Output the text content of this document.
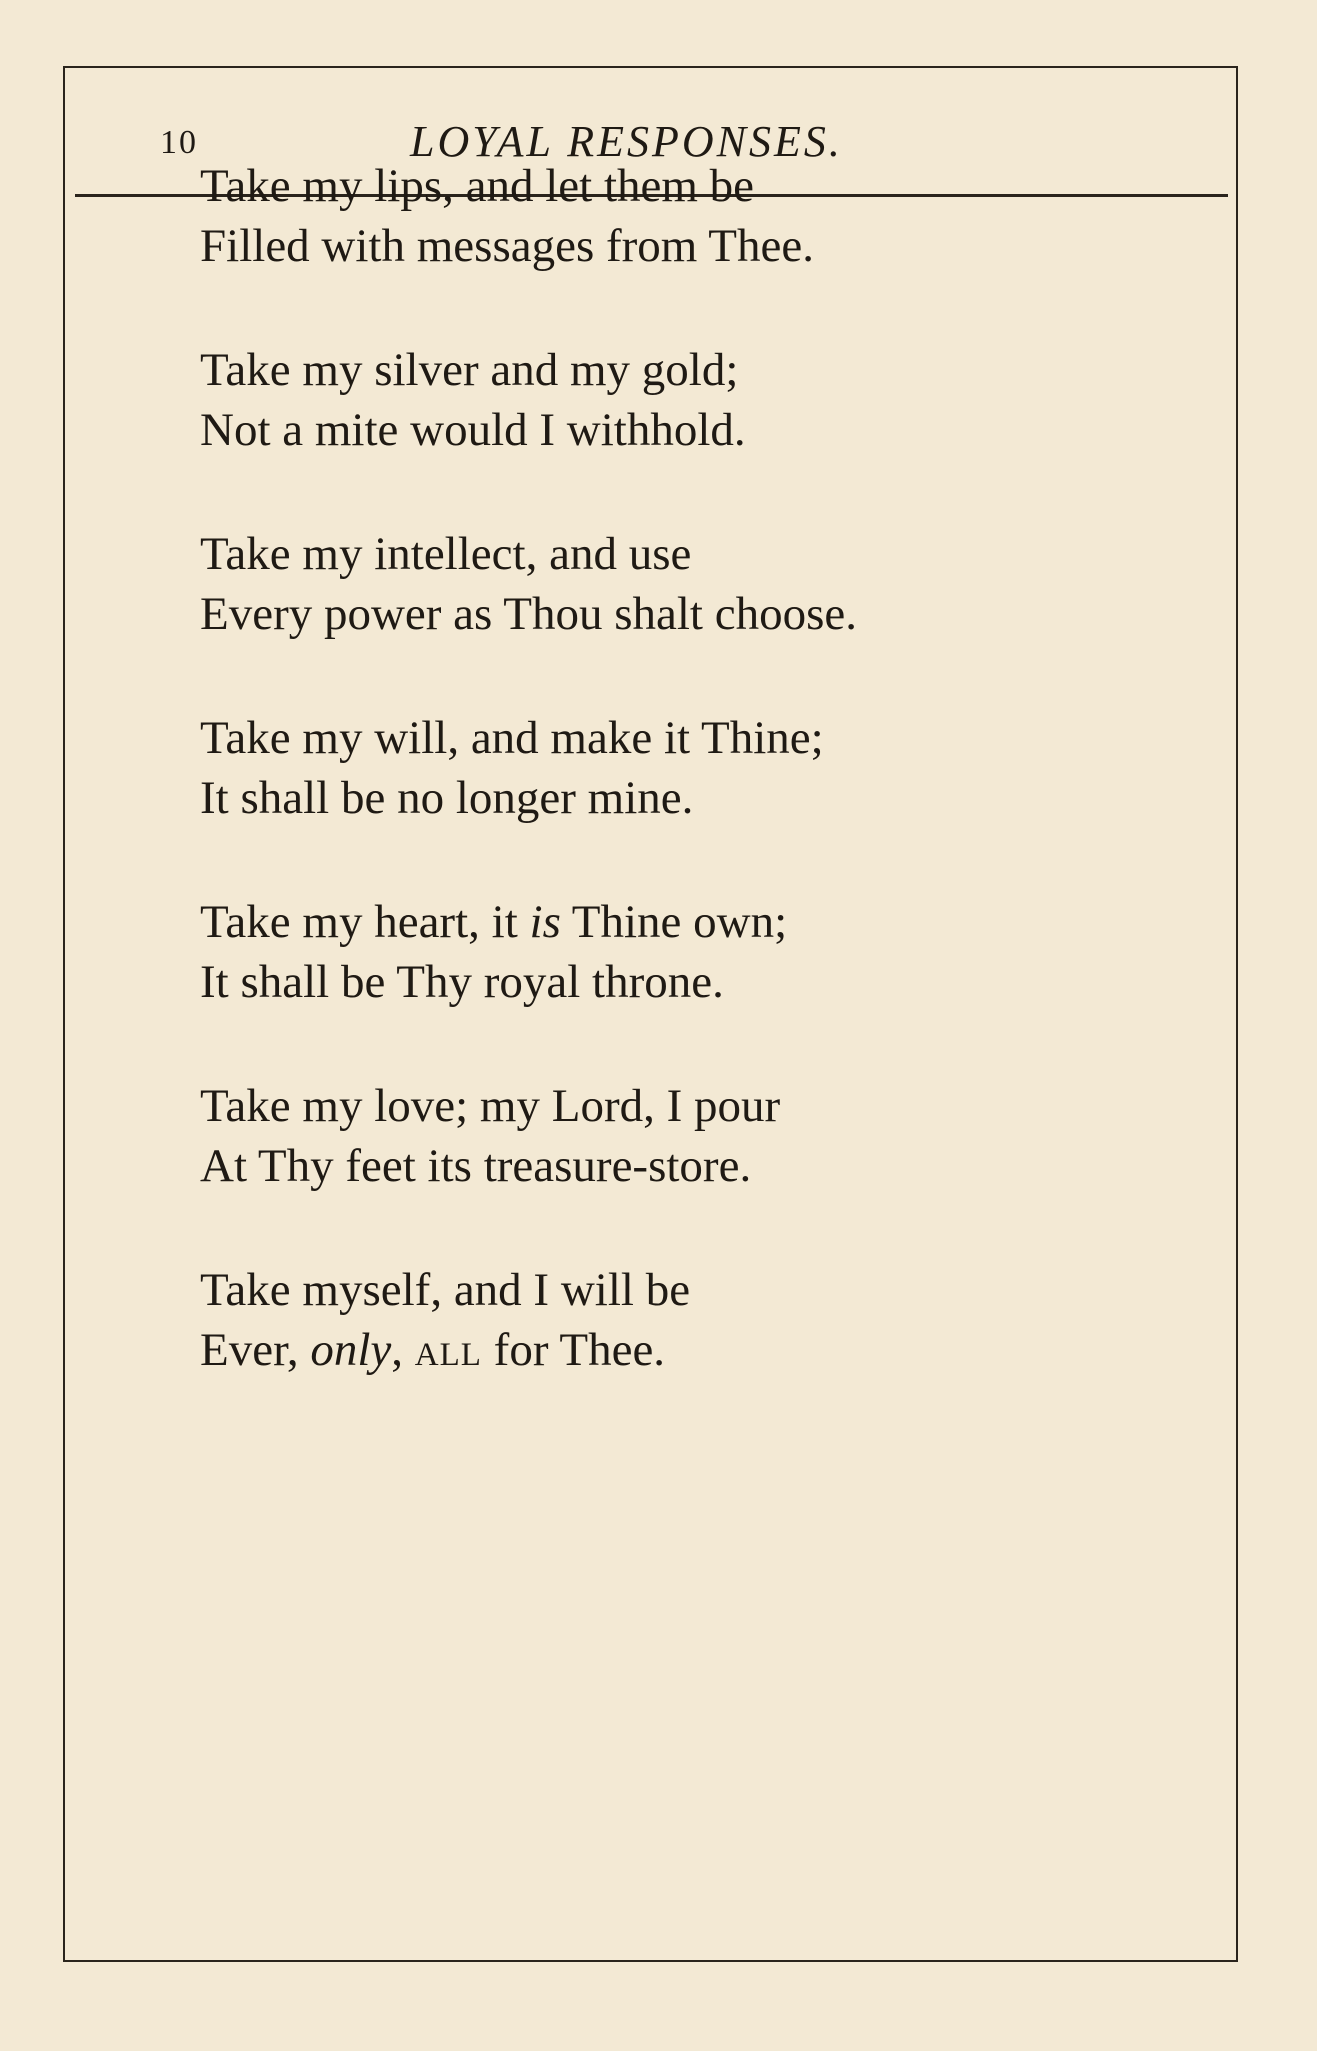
10	LOYAL RESPONSES.
Take my lips, and let them be
Filled with messages from Thee.
Take my silver and my gold;
Not a mite would I withhold.
Take my intellect, and use
Every power as Thou shalt choose.
Take my will, and make it Thine;
It shall be no longer mine.
Take my heart, it is Thine own;
It shall be Thy royal throne.
Take my love; my Lord, I pour
At Thy feet its treasure-store.
Take myself, and I will be
Ever, only, all for Thee.
